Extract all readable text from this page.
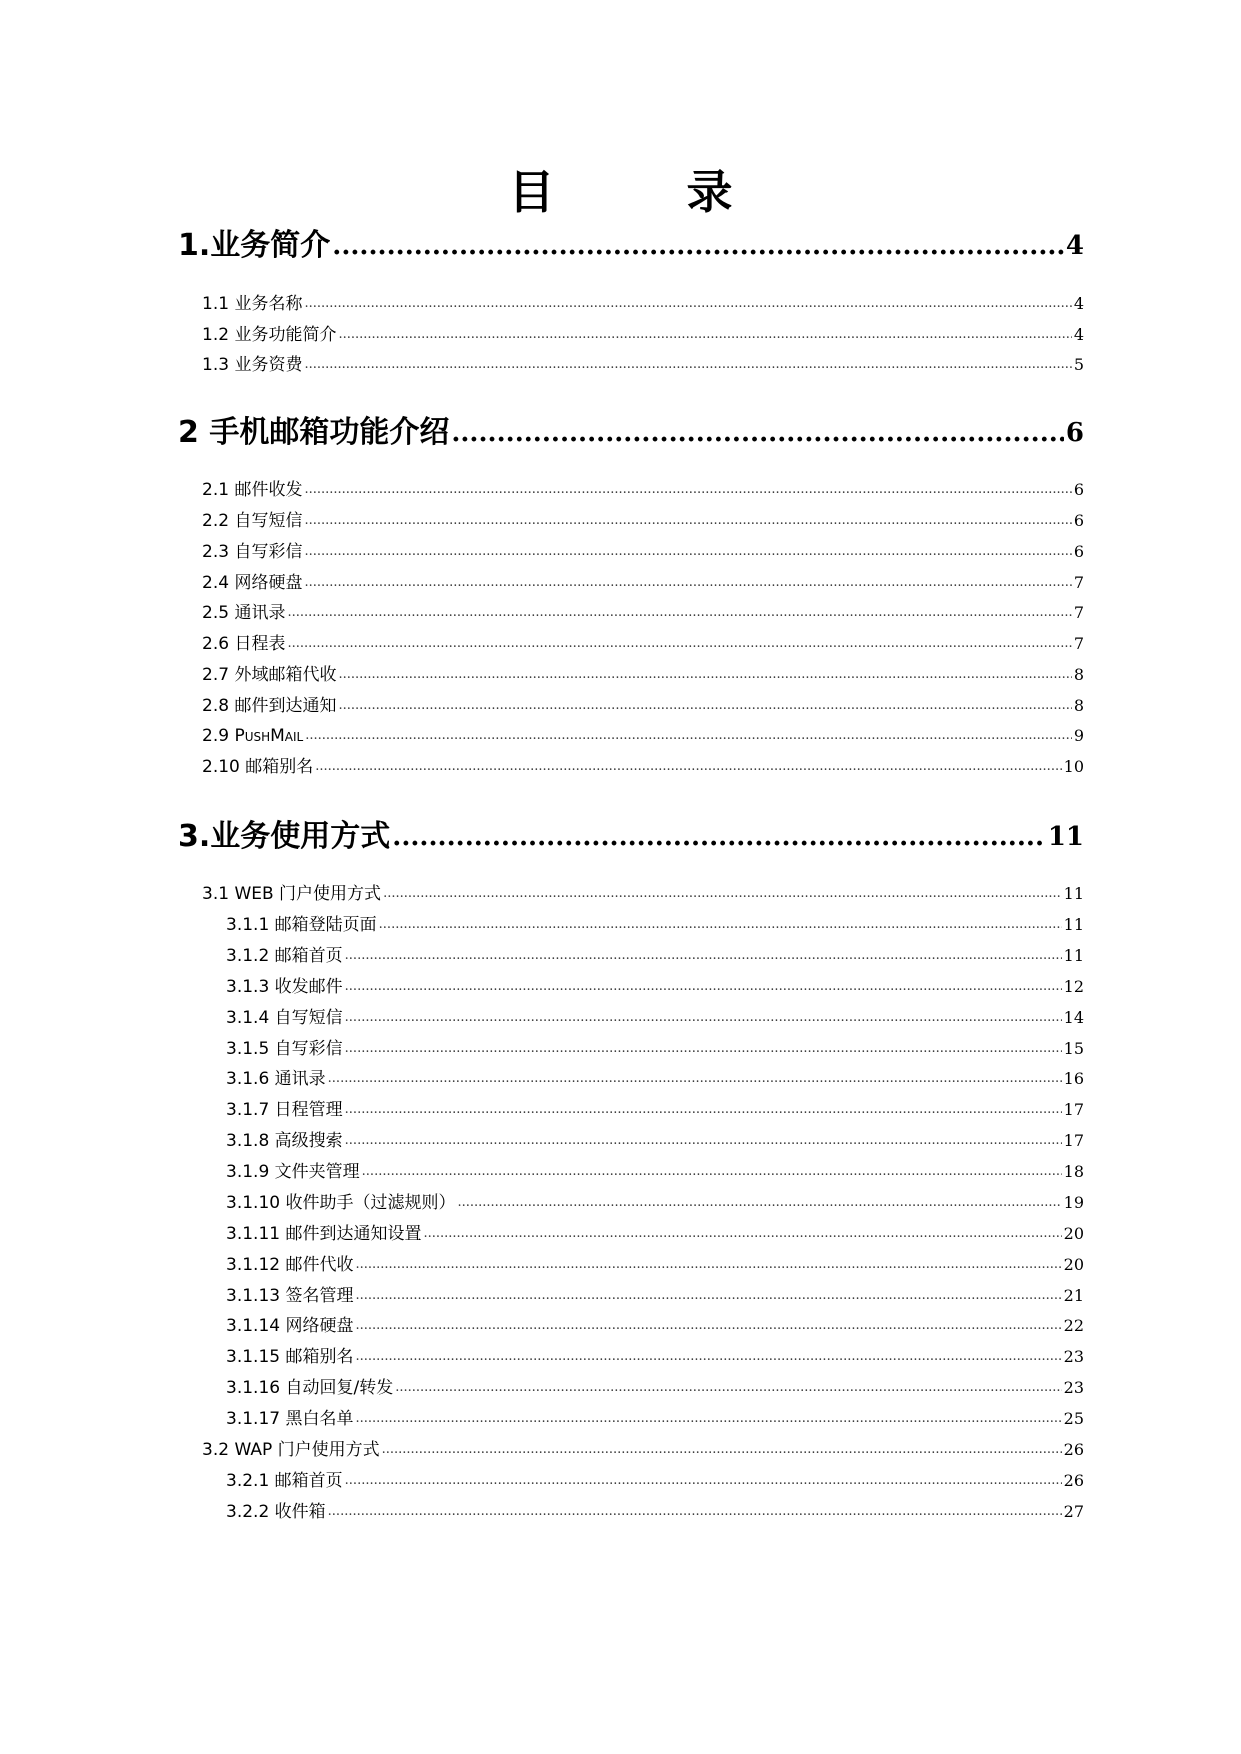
目 录
1.业务简介 .....	4
1.1 业务名称 .....	4
1.2 业务功能简介 .....	4
1.3 业务资费 .....	5
2 手机邮箱功能介绍 .....	6
2.1 邮件收发 .....	6
2.2 自写短信 .....	6
2.3 自写彩信 .....	6
2.4 网络硬盘 .....	7
2.5 通讯录 .....	7
2.6 日程表 .....	7
2.7 外域邮箱代收 .....	8
2.8 邮件到达通知 .....	8
2.9 PushMail .....	9
2.10 邮箱别名 .....	10
3.业务使用方式 .....	11
3.1 WEB 门户使用方式 .....	11
3.1.1 邮箱登陆页面 .....	11
3.1.2 邮箱首页 .....	11
3.1.3 收发邮件 .....	12
3.1.4 自写短信 .....	14
3.1.5 自写彩信 .....	15
3.1.6 通讯录 .....	16
3.1.7 日程管理 .....	17
3.1.8 高级搜索 .....	17
3.1.9 文件夹管理 .....	18
3.1.10 收件助手（过滤规则） .....	19
3.1.11 邮件到达通知设置 .....	20
3.1.12 邮件代收 .....	20
3.1.13 签名管理 .....	21
3.1.14 网络硬盘 .....	22
3.1.15 邮箱别名 .....	23
3.1.16 自动回复/转发 .....	23
3.1.17 黑白名单 .....	25
3.2 WAP 门户使用方式 .....	26
3.2.1 邮箱首页 .....	26
3.2.2 收件箱 .....	27
